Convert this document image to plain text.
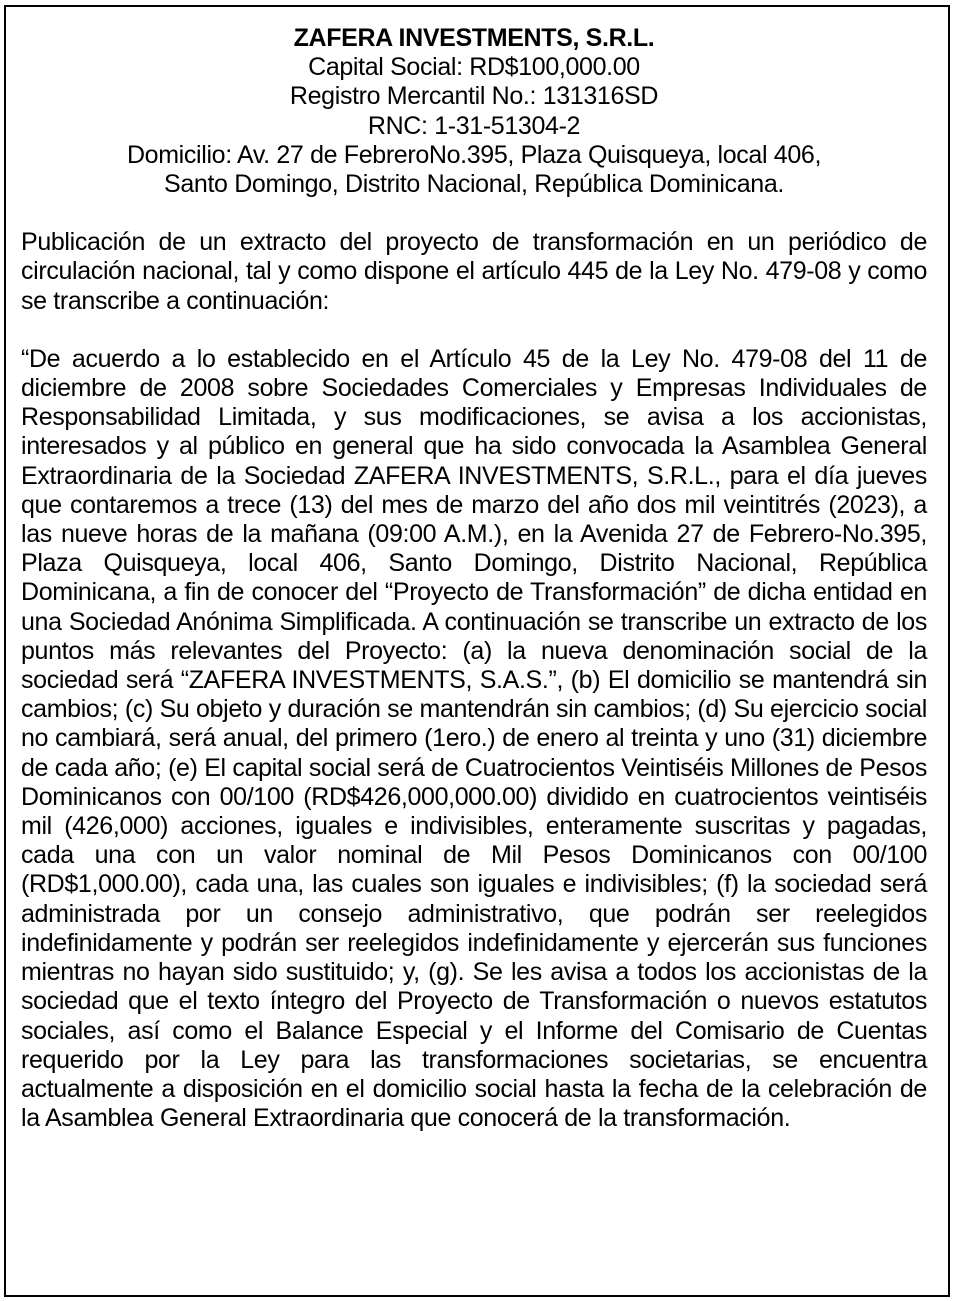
ZAFERA INVESTMENTS, S.R.L.
Capital Social: RD$100,000.00
Registro Mercantil No.: 131316SD
RNC: 1-31-51304-2
Domicilio: Av. 27 de FebreroNo.395, Plaza Quisqueya, local 406,
Santo Domingo, Distrito Nacional, República Dominicana.

Publicación de un extracto del proyecto de transformación en un periódico de circulación nacional, tal y como dispone el artículo 445 de la Ley No. 479-08 y como se transcribe a continuación:

“De acuerdo a lo establecido en el Artículo 45 de la Ley No. 479-08 del 11 de diciembre de 2008 sobre Sociedades Comerciales y Empresas Individuales de Responsabilidad Limitada, y sus modificaciones, se avisa a los accionistas, interesados y al público en general que ha sido convocada la Asamblea General Extraordinaria de la Sociedad ZAFERA INVESTMENTS, S.R.L., para el día jueves que contaremos a trece (13) del mes de marzo del año dos mil veintitrés (2023), a las nueve horas de la mañana (09:00 A.M.), en la Avenida 27 de Febrero-No.395, Plaza Quisqueya, local 406, Santo Domingo, Distrito Nacional, República Dominicana, a fin de conocer del “Proyecto de Transformación” de dicha entidad en una Sociedad Anónima Simplificada. A continuación se transcribe un extracto de los puntos más relevantes del Proyecto: (a) la nueva denominación social de la sociedad será “ZAFERA INVESTMENTS, S.A.S.”, (b) El domicilio se mantendrá sin cambios; (c) Su objeto y duración se mantendrán sin cambios; (d) Su ejercicio social no cambiará, será anual, del primero (1ero.) de enero al treinta y uno (31) diciembre de cada año; (e) El capital social será de Cuatrocientos Veintiséis Millones de Pesos Dominicanos con 00/100 (RD$426,000,000.00) dividido en cuatrocientos veintiséis mil (426,000) acciones, iguales e indivisibles, enteramente suscritas y pagadas, cada una con un valor nominal de Mil Pesos Dominicanos con 00/100 (RD$1,000.00), cada una, las cuales son iguales e indivisibles; (f) la sociedad será administrada por un consejo administrativo, que podrán ser reelegidos indefinidamente y podrán ser reelegidos indefinidamente y ejercerán sus funciones mientras no hayan sido sustituido; y, (g). Se les avisa a todos los accionistas de la sociedad que el texto íntegro del Proyecto de Transformación o nuevos estatutos sociales, así como el Balance Especial y el Informe del Comisario de Cuentas requerido por la Ley para las transformaciones societarias, se encuentra actualmente a disposición en el domicilio social hasta la fecha de la celebración de la Asamblea General Extraordinaria que conocerá de la transformación.
